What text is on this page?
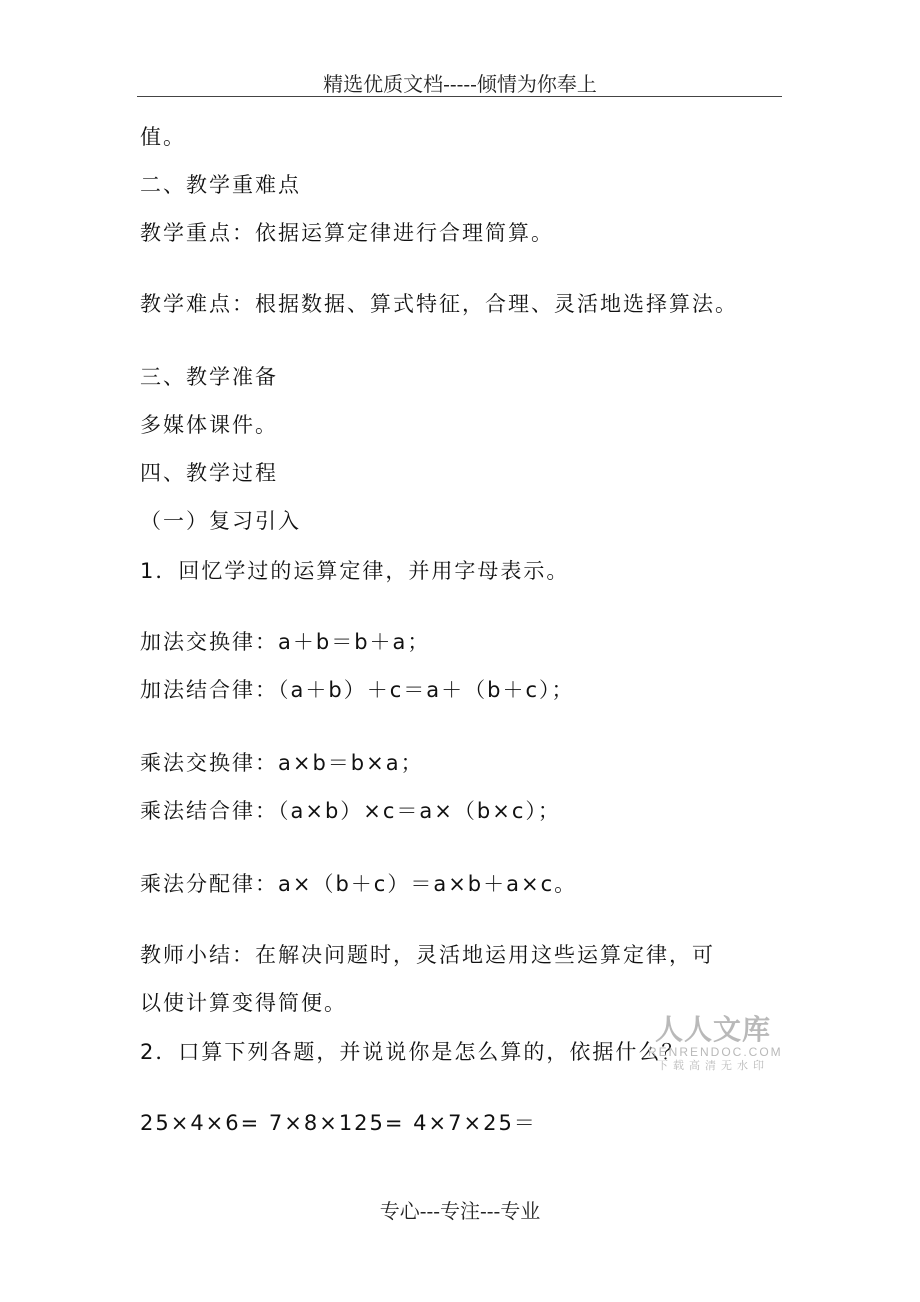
精选优质文档-----倾情为你奉上
值。
二、教学重难点
教学重点：依据运算定律进行合理简算。
教学难点：根据数据、算式特征，合理、灵活地选择算法。
三、教学准备
多媒体课件。
四、教学过程
（一）复习引入
1．回忆学过的运算定律，并用字母表示。
加法交换律：a＋b＝b＋a；
加法结合律：（a＋b）＋c＝a＋（b＋c）；
乘法交换律：a×b＝b×a；
乘法结合律：（a×b）×c＝a×（b×c）；
乘法分配律：a×（b＋c）＝a×b＋a×c。
教师小结：在解决问题时，灵活地运用这些运算定律，可
以使计算变得简便。
2．口算下列各题，并说说你是怎么算的，依据什么？
25×4×6= 7×8×125= 4×7×25＝
人人文库
RENRENDOC.COM
下载高清无水印
专心---专注---专业
